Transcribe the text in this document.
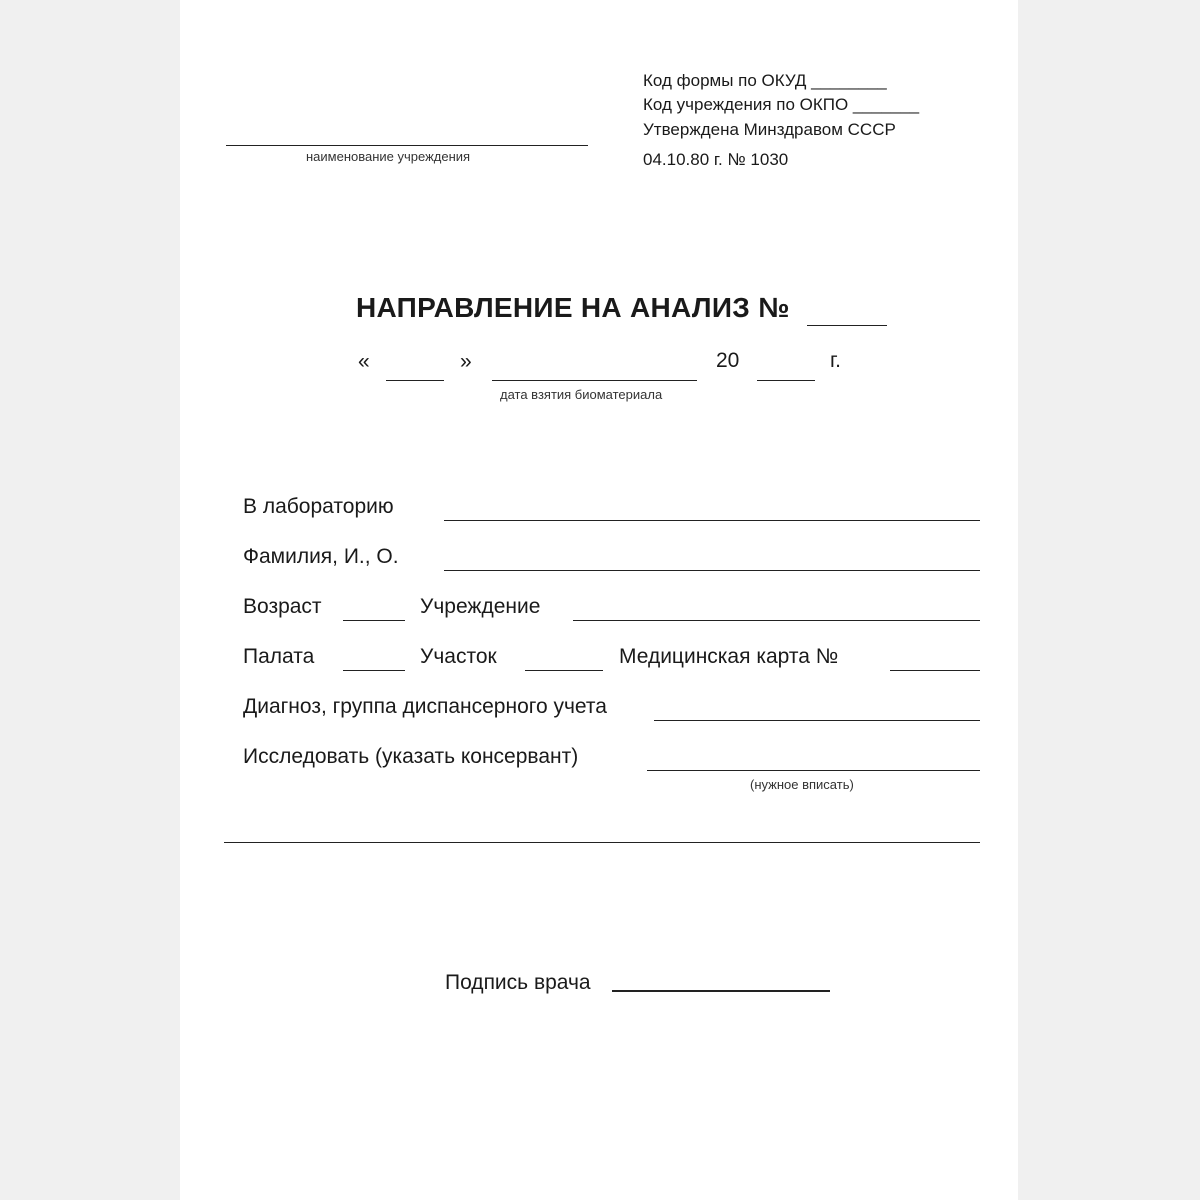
Код формы по ОКУД ________
Код учреждения по ОКПО _______
Утверждена Минздравом СССР
04.10.80 г. № 1030
наименование учреждения
НАПРАВЛЕНИЕ НА АНАЛИЗ №
«	»	20	г.
дата взятия биоматериала
В лабораторию
Фамилия, И., О.
Возраст	Учреждение
Палата	Участок	Медицинская карта №
Диагноз, группа диспансерного учета
Исследовать (указать консервант)
(нужное вписать)
Подпись врача
